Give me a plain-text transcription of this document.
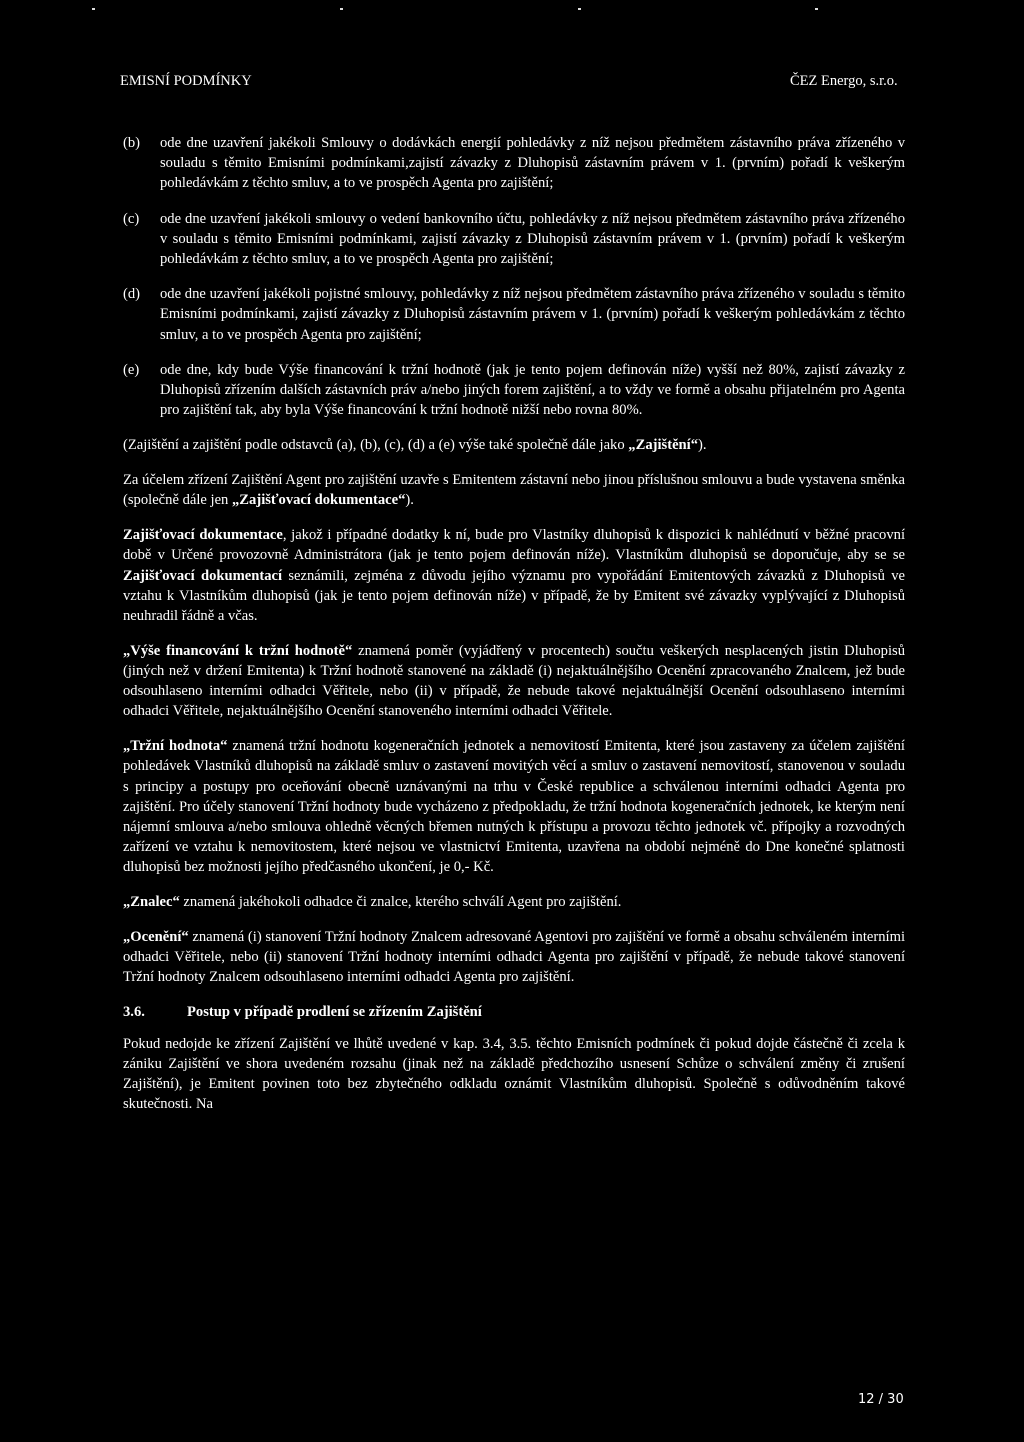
EMISNÍ PODMÍNKY	ČEZ Energo, s.r.o.
(b) ode dne uzavření jakékoli Smlouvy o dodávkách energií pohledávky z níž nejsou předmětem zástavního práva zřízeného v souladu s těmito Emisními podmínkami,zajistí závazky z Dluhopisů zástavním právem v 1. (prvním) pořadí k veškerým pohledávkám z těchto smluv, a to ve prospěch Agenta pro zajištění;
(c) ode dne uzavření jakékoli smlouvy o vedení bankovního účtu, pohledávky z níž nejsou předmětem zástavního práva zřízeného v souladu s těmito Emisními podmínkami, zajistí závazky z Dluhopisů zástavním právem v 1. (prvním) pořadí k veškerým pohledávkám z těchto smluv, a to ve prospěch Agenta pro zajištění;
(d) ode dne uzavření jakékoli pojistné smlouvy, pohledávky z níž nejsou předmětem zástavního práva zřízeného v souladu s těmito Emisními podmínkami, zajistí závazky z Dluhopisů zástavním právem v 1. (prvním) pořadí k veškerým pohledávkám z těchto smluv, a to ve prospěch Agenta pro zajištění;
(e) ode dne, kdy bude Výše financování k tržní hodnotě (jak je tento pojem definován níže) vyšší než 80%, zajistí závazky z Dluhopisů zřízením dalších zástavních práv a/nebo jiných forem zajištění, a to vždy ve formě a obsahu přijatelném pro Agenta pro zajištění tak, aby byla Výše financování k tržní hodnotě nižší nebo rovna 80%.

(Zajištění a zajištění podle odstavců (a), (b), (c), (d) a (e) výše také společně dále jako „Zajištění“).

Za účelem zřízení Zajištění Agent pro zajištění uzavře s Emitentem zástavní nebo jinou příslušnou smlouvu a bude vystavena směnka (společně dále jen „Zajišťovací dokumentace“).

Zajišťovací dokumentace, jakož i případné dodatky k ní, bude pro Vlastníky dluhopisů k dispozici k nahlédnutí v běžné pracovní době v Určené provozovně Administrátora (jak je tento pojem definován níže). Vlastníkům dluhopisů se doporučuje, aby se se Zajišťovací dokumentací seznámili, zejména z důvodu jejího významu pro vypořádání Emitentových závazků z Dluhopisů ve vztahu k Vlastníkům dluhopisů (jak je tento pojem definován níže) v případě, že by Emitent své závazky vyplývající z Dluhopisů neuhradil řádně a včas.

„Výše financování k tržní hodnotě“ znamená poměr (vyjádřený v procentech) součtu veškerých nesplacených jistin Dluhopisů (jiných než v držení Emitenta) k Tržní hodnotě stanovené na základě (i) nejaktuálnějšího Ocenění zpracovaného Znalcem, jež bude odsouhlaseno interními odhadci Věřitele, nebo (ii) v případě, že nebude takové nejaktuálnější Ocenění odsouhlaseno interními odhadci Věřitele, nejaktuálnějšího Ocenění stanoveného interními odhadci Věřitele.

„Tržní hodnota“ znamená tržní hodnotu kogeneračních jednotek a nemovitostí Emitenta, které jsou zastaveny za účelem zajištění pohledávek Vlastníků dluhopisů na základě smluv o zastavení movitých věcí a smluv o zastavení nemovitostí, stanovenou v souladu s principy a postupy pro oceňování obecně uznávanými na trhu v České republice a schválenou interními odhadci Agenta pro zajištění. Pro účely stanovení Tržní hodnoty bude vycházeno z předpokladu, že tržní hodnota kogeneračních jednotek, ke kterým není nájemní smlouva a/nebo smlouva ohledně věcných břemen nutných k přístupu a provozu těchto jednotek vč. přípojky a rozvodných zařízení ve vztahu k nemovitostem, které nejsou ve vlastnictví Emitenta, uzavřena na období nejméně do Dne konečné splatnosti dluhopisů bez možnosti jejího předčasného ukončení, je 0,- Kč.

„Znalec“ znamená jakéhokoli odhadce či znalce, kterého schválí Agent pro zajištění.

„Ocenění“ znamená (i) stanovení Tržní hodnoty Znalcem adresované Agentovi pro zajištění ve formě a obsahu schváleném interními odhadci Věřitele, nebo (ii) stanovení Tržní hodnoty interními odhadci Agenta pro zajištění v případě, že nebude takové stanovení Tržní hodnoty Znalcem odsouhlaseno interními odhadci Agenta pro zajištění.

3.6.	Postup v případě prodlení se zřízením Zajištění

Pokud nedojde ke zřízení Zajištění ve lhůtě uvedené v kap. 3.4, 3.5. těchto Emisních podmínek či pokud dojde částečně či zcela k zániku Zajištění ve shora uvedeném rozsahu (jinak než na základě předchozího usnesení Schůze o schválení změny či zrušení Zajištění), je Emitent povinen toto bez zbytečného odkladu oznámit Vlastníkům dluhopisů. Společně s odůvodněním takové skutečnosti. Na

12 / 30
